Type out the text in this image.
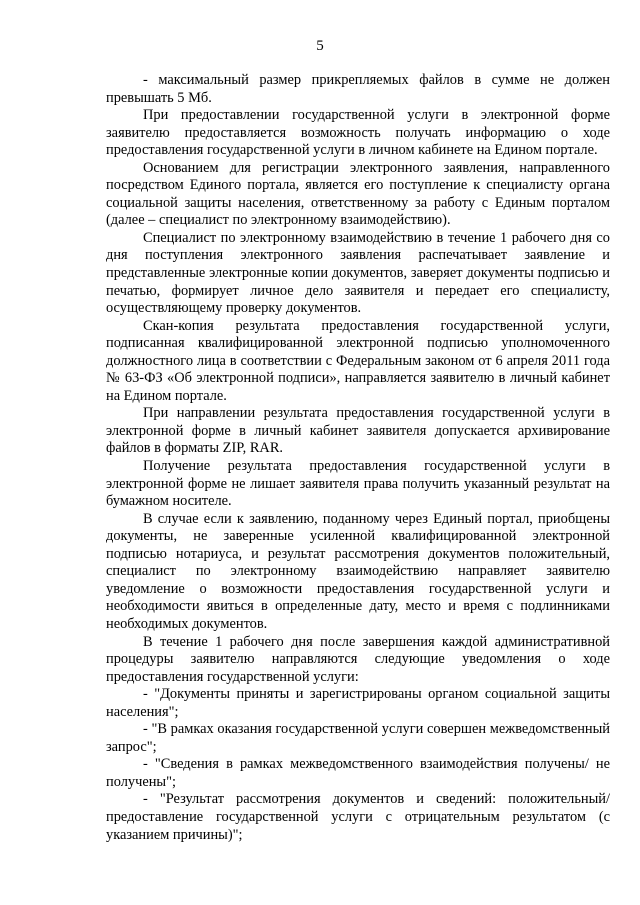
5

- максимальный размер прикрепляемых файлов в сумме не должен превышать 5 Мб.

При предоставлении государственной услуги в электронной форме заявителю предоставляется возможность получать информацию о ходе предоставления государственной услуги в личном кабинете на Едином портале.

Основанием для регистрации электронного заявления, направленного посредством Единого портала, является его поступление к специалисту органа социальной защиты населения, ответственному за работу с Единым порталом (далее – специалист по электронному взаимодействию).

Специалист по электронному взаимодействию в течение 1 рабочего дня со дня поступления электронного заявления распечатывает заявление и представленные электронные копии документов, заверяет документы подписью и печатью, формирует личное дело заявителя и передает его специалисту, осуществляющему проверку документов.

Скан-копия результата предоставления государственной услуги, подписанная квалифицированной электронной подписью уполномоченного должностного лица в соответствии с Федеральным законом от 6 апреля 2011 года № 63-ФЗ «Об электронной подписи», направляется заявителю в личный кабинет на Едином портале.

При направлении результата предоставления государственной услуги в электронной форме в личный кабинет заявителя допускается архивирование файлов в форматы ZIP, RAR.

Получение результата предоставления государственной услуги в электронной форме не лишает заявителя права получить указанный результат на бумажном носителе.

В случае если к заявлению, поданному через Единый портал, приобщены документы, не заверенные усиленной квалифицированной электронной подписью нотариуса, и результат рассмотрения документов положительный, специалист по электронному взаимодействию направляет заявителю уведомление о возможности предоставления государственной услуги и необходимости явиться в определенные дату, место и время с подлинниками необходимых документов.

В течение 1 рабочего дня после завершения каждой административной процедуры заявителю направляются следующие уведомления о ходе предоставления государственной услуги:

- "Документы приняты и зарегистрированы органом социальной защиты населения";

- "В рамках оказания государственной услуги совершен межведомственный запрос";

- "Сведения в рамках межведомственного взаимодействия получены/ не получены";

- "Результат рассмотрения документов и сведений: положительный/ предоставление государственной услуги с отрицательным результатом (с указанием причины)";
